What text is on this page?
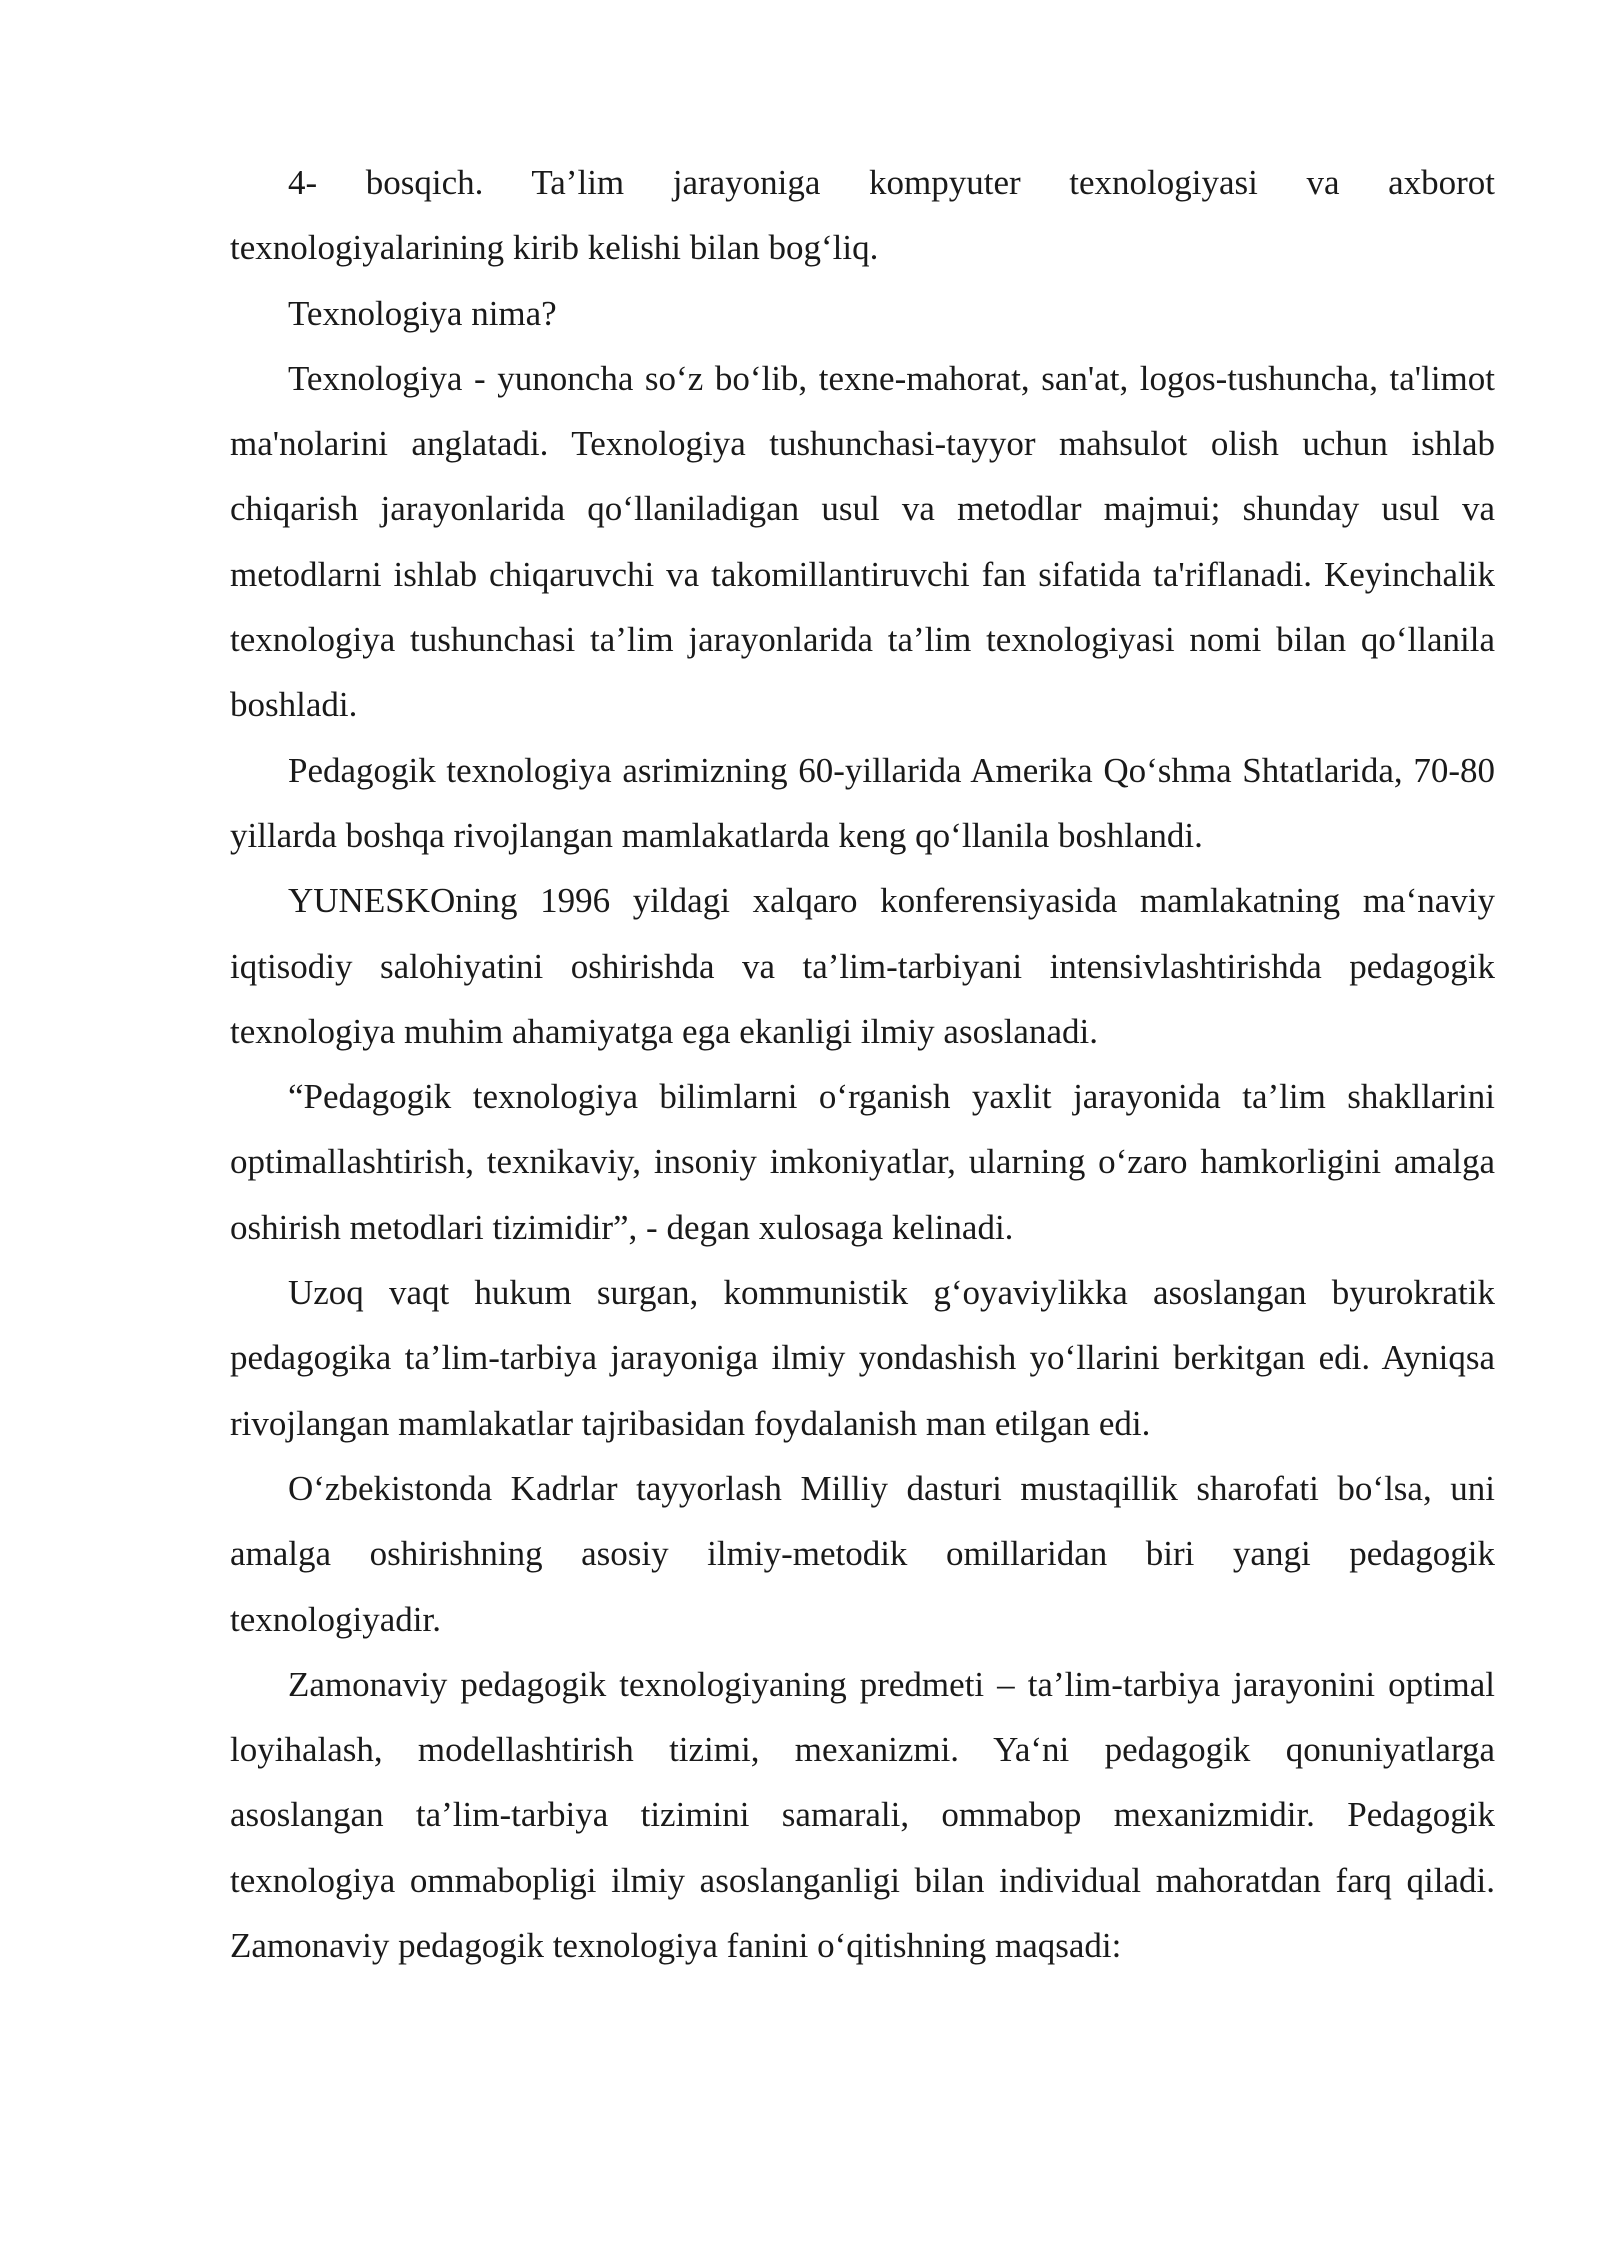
4- bosqich. Ta’lim jarayoniga kompyuter texnologiyasi va axborot texnologiyalarining kirib kelishi bilan bog‘liq.

Texnologiya nima?

Texnologiya - yunoncha so‘z bo‘lib, texne-mahorat, san'at, logos-tushuncha, ta'limot ma'nolarini anglatadi. Texnologiya tushunchasi-tayyor mahsulot olish uchun ishlab chiqarish jarayonlarida qo‘llaniladigan usul va metodlar majmui; shunday usul va metodlarni ishlab chiqaruvchi va takomillantiruvchi fan sifatida ta'riflanadi. Keyinchalik texnologiya tushunchasi ta’lim jarayonlarida ta’lim texnologiyasi nomi bilan qo‘llanila boshladi.

Pedagogik texnologiya asrimizning 60-yillarida Amerika Qo‘shma Shtatlarida, 70-80 yillarda boshqa rivojlangan mamlakatlarda keng qo‘llanila boshlandi.

YUNESKOning 1996 yildagi xalqaro konferensiyasida mamlakatning ma‘naviy iqtisodiy salohiyatini oshirishda va ta’lim-tarbiyani intensivlashtirishda pedagogik texnologiya muhim ahamiyatga ega ekanligi ilmiy asoslanadi.

“Pedagogik texnologiya bilimlarni o‘rganish yaxlit jarayonida ta’lim shakllarini optimallashtirish, texnikaviy, insoniy imkoniyatlar, ularning o‘zaro hamkorligini amalga oshirish metodlari tizimidir”, - degan xulosaga kelinadi.

Uzoq vaqt hukum surgan, kommunistik g‘oyaviylikka asoslangan byurokratik pedagogika ta’lim-tarbiya jarayoniga ilmiy yondashish yo‘llarini berkitgan edi. Ayniqsa rivojlangan mamlakatlar tajribasidan foydalanish man etilgan edi.

O‘zbekistonda Kadrlar tayyorlash Milliy dasturi mustaqillik sharofati bo‘lsa, uni amalga oshirishning asosiy ilmiy-metodik omillaridan biri yangi pedagogik texnologiyadir.

Zamonaviy pedagogik texnologiyaning predmeti – ta’lim-tarbiya jarayonini optimal loyihalash, modellashtirish tizimi, mexanizmi. Ya‘ni pedagogik qonuniyatlarga asoslangan ta’lim-tarbiya tizimini samarali, ommabop mexanizmidir. Pedagogik texnologiya ommabopligi ilmiy asoslanganligi bilan individual mahoratdan farq qiladi. Zamonaviy pedagogik texnologiya fanini o‘qitishning maqsadi:
